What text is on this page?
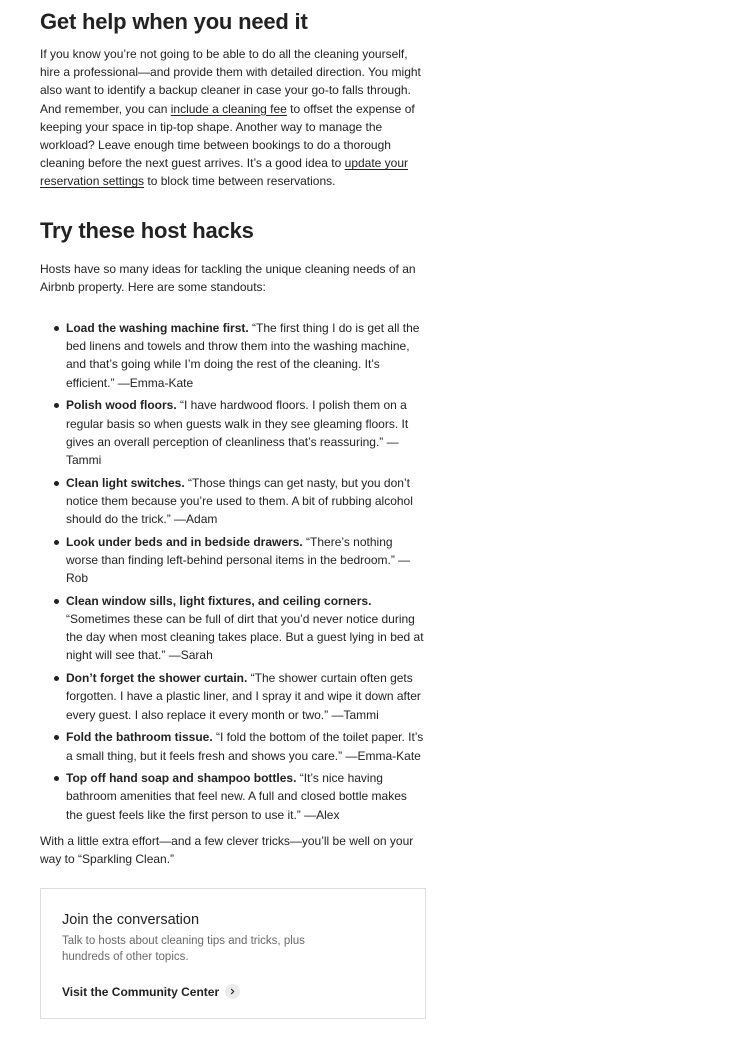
Get help when you need it

If you know you’re not going to be able to do all the cleaning yourself, hire a professional—and provide them with detailed direction. You might also want to identify a backup cleaner in case your go-to falls through. And remember, you can include a cleaning fee to offset the expense of keeping your space in tip-top shape. Another way to manage the workload? Leave enough time between bookings to do a thorough cleaning before the next guest arrives. It’s a good idea to update your reservation settings to block time between reservations.

Try these host hacks

Hosts have so many ideas for tackling the unique cleaning needs of an Airbnb property. Here are some standouts:

Load the washing machine first. “The first thing I do is get all the bed linens and towels and throw them into the washing machine, and that’s going while I’m doing the rest of the cleaning. It’s efficient.” —Emma-Kate
Polish wood floors. “I have hardwood floors. I polish them on a regular basis so when guests walk in they see gleaming floors. It gives an overall perception of cleanliness that’s reassuring.” —Tammi
Clean light switches. “Those things can get nasty, but you don’t notice them because you’re used to them. A bit of rubbing alcohol should do the trick.” —Adam
Look under beds and in bedside drawers. “There’s nothing worse than finding left-behind personal items in the bedroom.” —Rob
Clean window sills, light fixtures, and ceiling corners. “Sometimes these can be full of dirt that you’d never notice during the day when most cleaning takes place. But a guest lying in bed at night will see that.” —Sarah
Don’t forget the shower curtain. “The shower curtain often gets forgotten. I have a plastic liner, and I spray it and wipe it down after every guest. I also replace it every month or two.” —Tammi
Fold the bathroom tissue. “I fold the bottom of the toilet paper. It’s a small thing, but it feels fresh and shows you care.” —Emma-Kate
Top off hand soap and shampoo bottles. “It’s nice having bathroom amenities that feel new. A full and closed bottle makes the guest feels like the first person to use it.” —Alex

With a little extra effort—and a few clever tricks—you’ll be well on your way to “Sparkling Clean.”

Join the conversation
Talk to hosts about cleaning tips and tricks, plus hundreds of other topics.
Visit the Community Center
